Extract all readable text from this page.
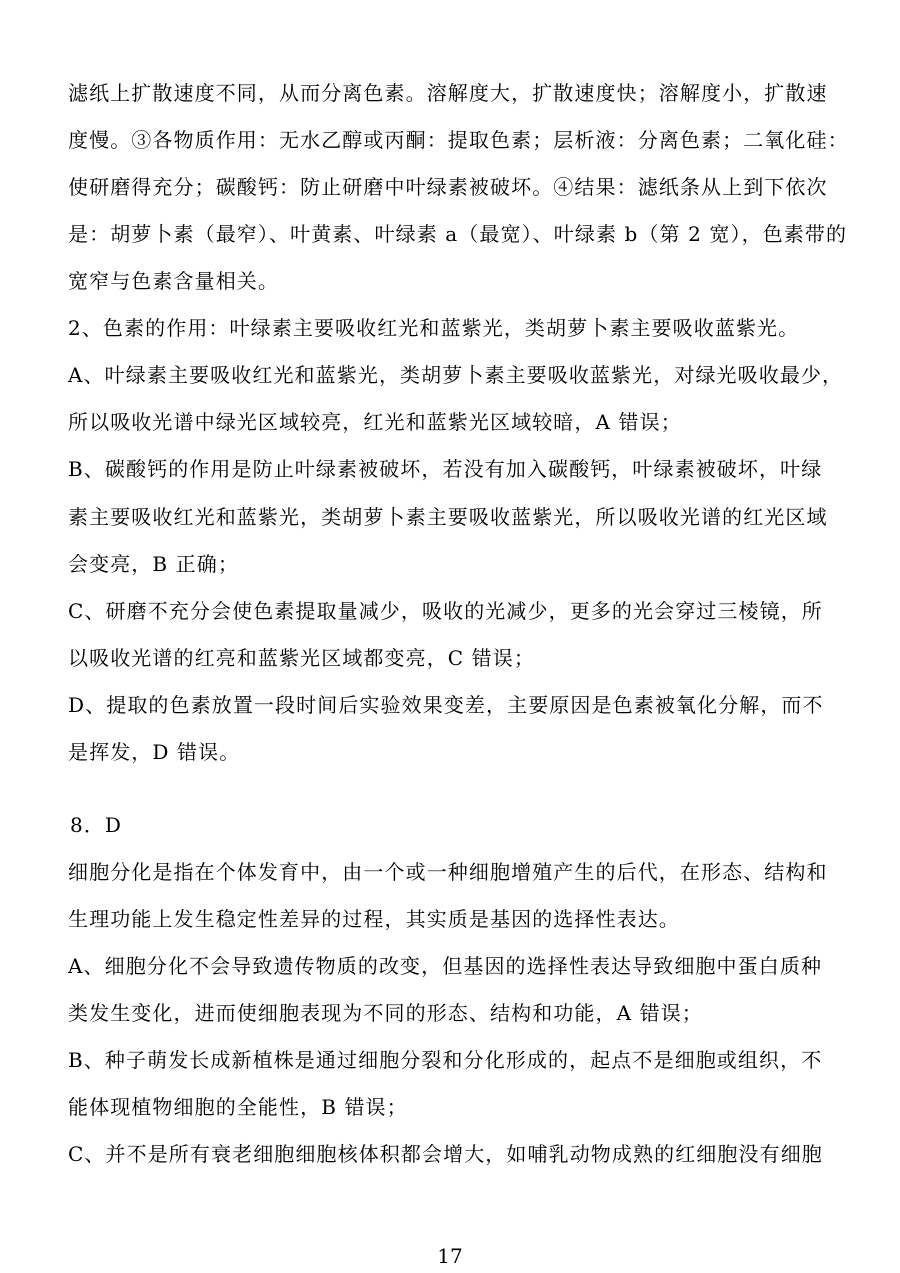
滤纸上扩散速度不同，从而分离色素。溶解度大，扩散速度快；溶解度小，扩散速
度慢。③各物质作用：无水乙醇或丙酮：提取色素；层析液：分离色素；二氧化硅：
使研磨得充分；碳酸钙：防止研磨中叶绿素被破坏。④结果：滤纸条从上到下依次
是：胡萝卜素（最窄）、叶黄素、叶绿素 a（最宽）、叶绿素 b（第 2 宽），色素带的
宽窄与色素含量相关。
2、色素的作用：叶绿素主要吸收红光和蓝紫光，类胡萝卜素主要吸收蓝紫光。
A、叶绿素主要吸收红光和蓝紫光，类胡萝卜素主要吸收蓝紫光，对绿光吸收最少，
所以吸收光谱中绿光区域较亮，红光和蓝紫光区域较暗，A 错误；
B、碳酸钙的作用是防止叶绿素被破坏，若没有加入碳酸钙，叶绿素被破坏，叶绿
素主要吸收红光和蓝紫光，类胡萝卜素主要吸收蓝紫光，所以吸收光谱的红光区域
会变亮，B 正确；
C、研磨不充分会使色素提取量减少，吸收的光减少，更多的光会穿过三棱镜，所
以吸收光谱的红亮和蓝紫光区域都变亮，C 错误；
D、提取的色素放置一段时间后实验效果变差，主要原因是色素被氧化分解，而不
是挥发，D 错误。
8．D
细胞分化是指在个体发育中，由一个或一种细胞增殖产生的后代，在形态、结构和
生理功能上发生稳定性差异的过程，其实质是基因的选择性表达。
A、细胞分化不会导致遗传物质的改变，但基因的选择性表达导致细胞中蛋白质种
类发生变化，进而使细胞表现为不同的形态、结构和功能，A 错误；
B、种子萌发长成新植株是通过细胞分裂和分化形成的，起点不是细胞或组织，不
能体现植物细胞的全能性，B 错误；
C、并不是所有衰老细胞细胞核体积都会增大，如哺乳动物成熟的红细胞没有细胞
17
